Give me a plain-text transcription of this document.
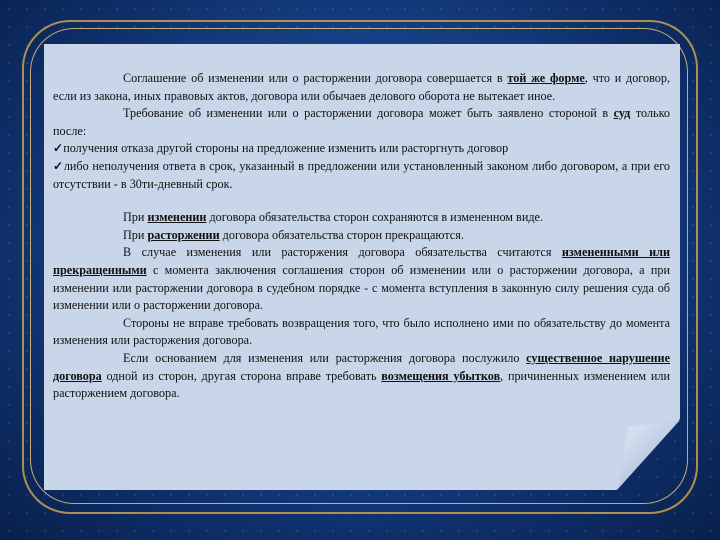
Соглашение об изменении или о расторжении договора совершается в той же форме, что и договор, если из закона, иных правовых актов, договора или обычаев делового оборота не вытекает иное.

Требование об изменении или о расторжении договора может быть заявлено стороной в суд только после:

✓ получения отказа другой стороны на предложение изменить или расторгнуть договор

✓ либо неполучения ответа в срок, указанный в предложении или установленный законом либо договором, а при его отсутствии - в 30ти-дневный срок.

При изменении договора обязательства сторон сохраняются в измененном виде.

При расторжении договора обязательства сторон прекращаются.

В случае изменения или расторжения договора обязательства считаются измененными или прекращенными с момента заключения соглашения сторон об изменении или о расторжении договора, а при изменении или расторжении договора в судебном порядке - с момента вступления в законную силу решения суда об изменении или о расторжении договора.

Стороны не вправе требовать возвращения того, что было исполнено ими по обязательству до момента изменения или расторжения договора.

Если основанием для изменения или расторжения договора послужило существенное нарушение договора одной из сторон, другая сторона вправе требовать возмещения убытков, причиненных изменением или расторжением договора.
